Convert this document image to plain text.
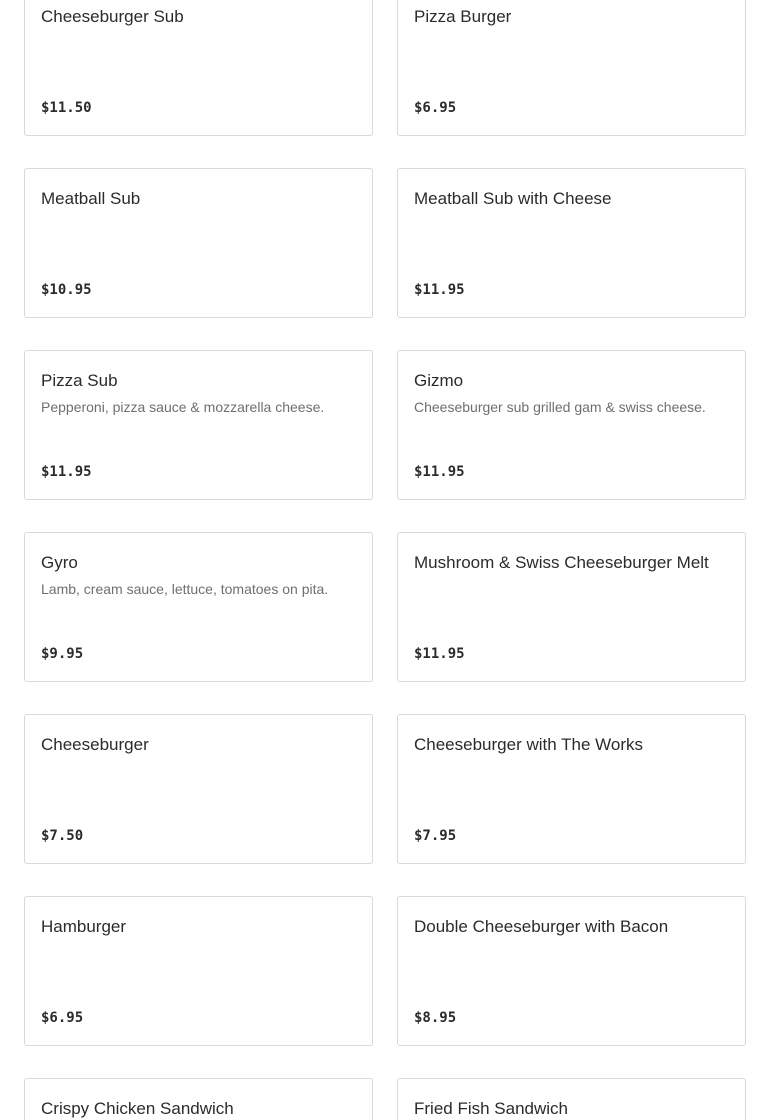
Cheeseburger Sub
$11.50
Pizza Burger
$6.95
Meatball Sub
$10.95
Meatball Sub with Cheese
$11.95
Pizza Sub
Pepperoni, pizza sauce & mozzarella cheese.
$11.95
Gizmo
Cheeseburger sub grilled gam & swiss cheese.
$11.95
Gyro
Lamb, cream sauce, lettuce, tomatoes on pita.
$9.95
Mushroom & Swiss Cheeseburger Melt
$11.95
Cheeseburger
$7.50
Cheeseburger with The Works
$7.95
Hamburger
$6.95
Double Cheeseburger with Bacon
$8.95
Crispy Chicken Sandwich	Fried Fish Sandwich
